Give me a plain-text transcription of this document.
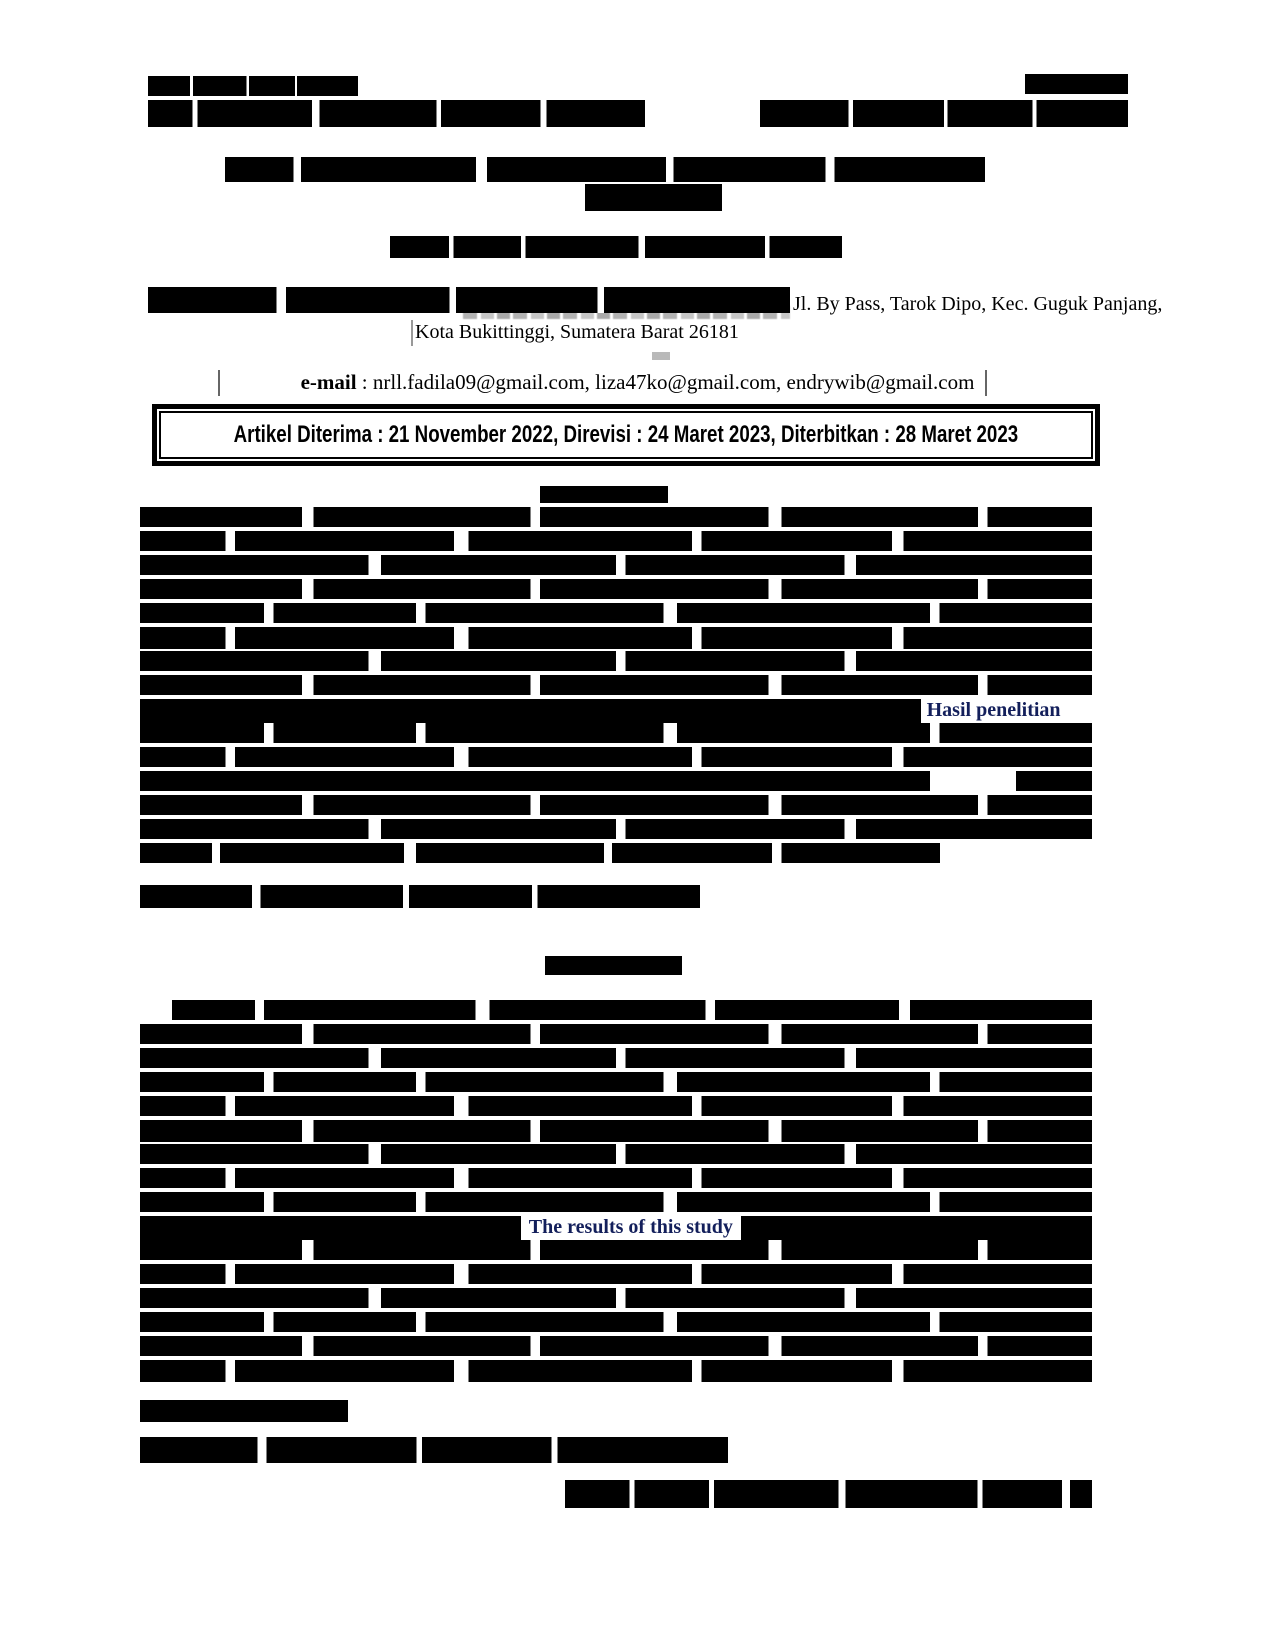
Jl. By Pass, Tarok Dipo, Kec. Guguk Panjang,
Kota Bukittinggi, Sumatera Barat 26181
e-mail : nrll.fadila09@gmail.com, liza47ko@gmail.com, endrywib@gmail.com
Artikel Diterima : 21 November 2022, Direvisi : 24 Maret 2023, Diterbitkan : 28 Maret 2023
Hasil penelitian
The results of this study
